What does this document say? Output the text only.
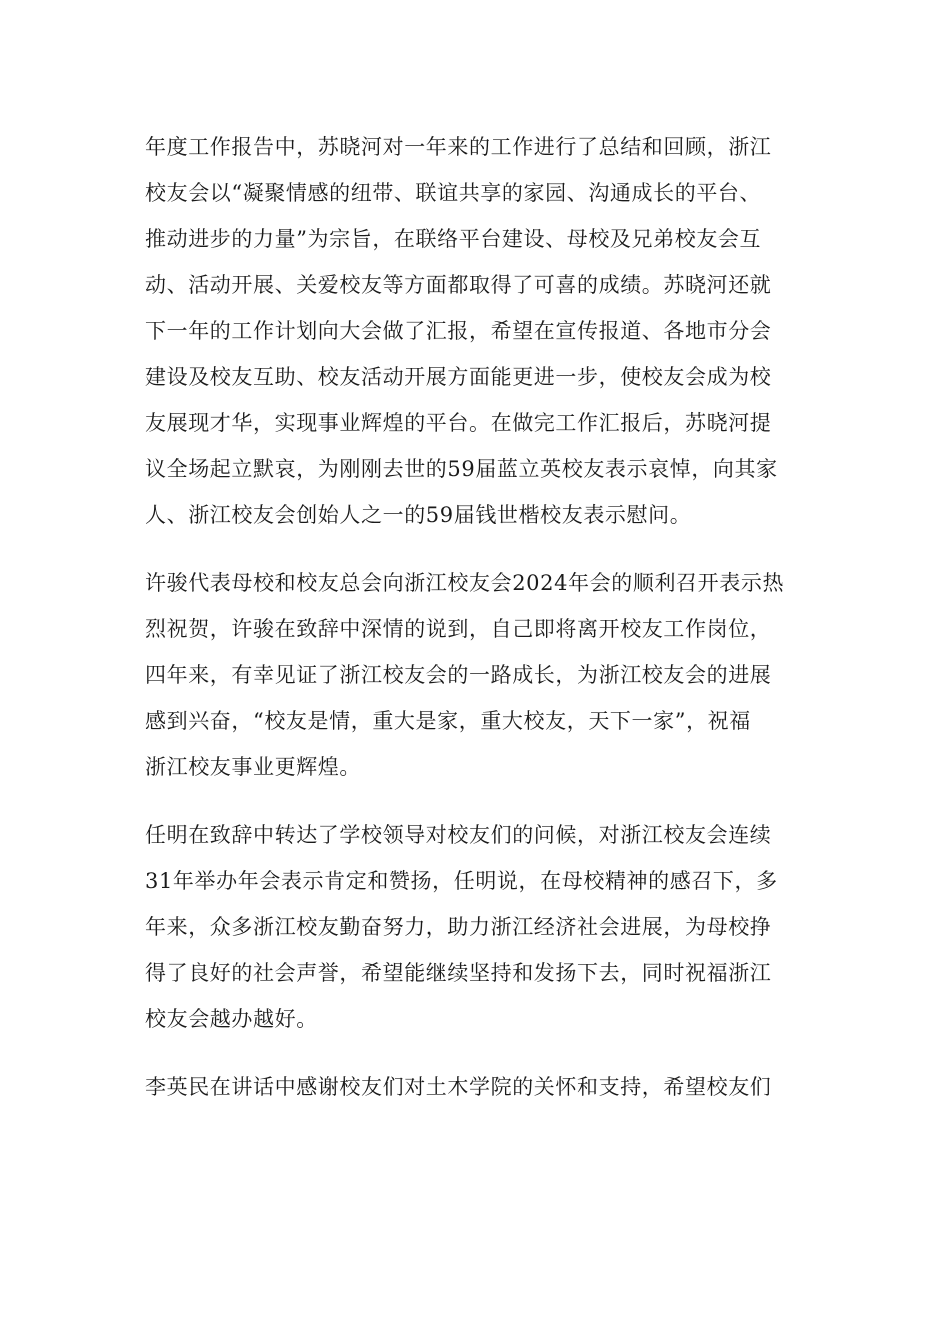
年度工作报告中，苏晓河对一年来的工作进行了总结和回顾，浙江
校友会以“凝聚情感的纽带、联谊共享的家园、沟通成长的平台、
推动进步的力量”为宗旨，在联络平台建设、母校及兄弟校友会互
动、活动开展、关爱校友等方面都取得了可喜的成绩。苏晓河还就
下一年的工作计划向大会做了汇报，希望在宣传报道、各地市分会
建设及校友互助、校友活动开展方面能更进一步，使校友会成为校
友展现才华，实现事业辉煌的平台。在做完工作汇报后，苏晓河提
议全场起立默哀，为刚刚去世的59届蓝立英校友表示哀悼，向其家
人、浙江校友会创始人之一的59届钱世楷校友表示慰问。

许骏代表母校和校友总会向浙江校友会2024年会的顺利召开表示热
烈祝贺，许骏在致辞中深情的说到，自己即将离开校友工作岗位，
四年来，有幸见证了浙江校友会的一路成长，为浙江校友会的进展
感到兴奋，“校友是情，重大是家，重大校友，天下一家”，祝福
浙江校友事业更辉煌。

任明在致辞中转达了学校领导对校友们的问候，对浙江校友会连续
31年举办年会表示肯定和赞扬，任明说，在母校精神的感召下，多
年来，众多浙江校友勤奋努力，助力浙江经济社会进展，为母校挣
得了良好的社会声誉，希望能继续坚持和发扬下去，同时祝福浙江
校友会越办越好。

李英民在讲话中感谢校友们对土木学院的关怀和支持，希望校友们
